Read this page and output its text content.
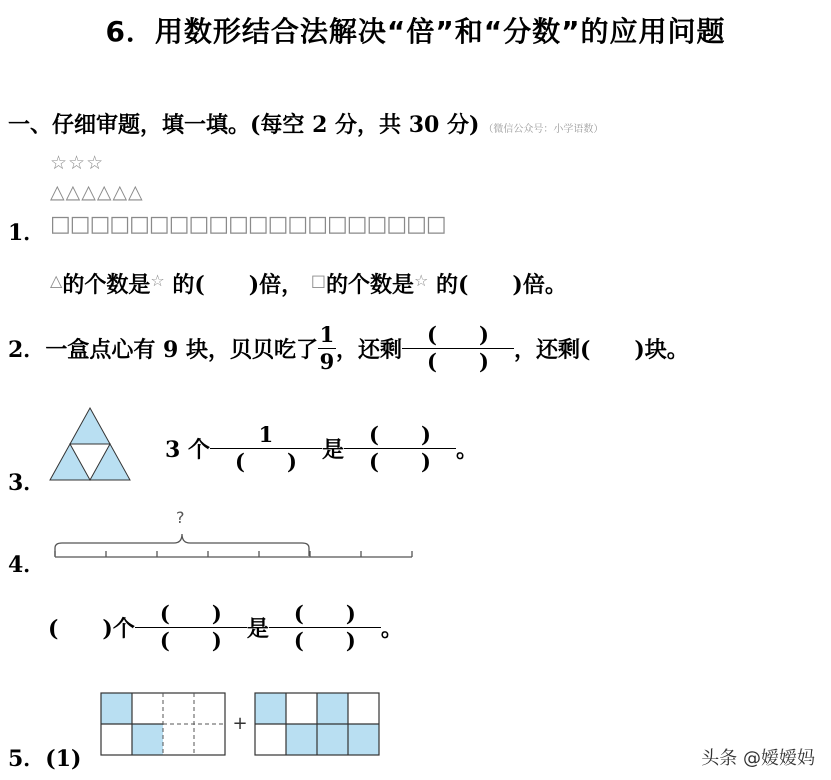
6．用数形结合法解决“倍”和“分数”的应用问题
一、仔细审题，填一填。(每空 2 分，共 30 分) （微信公众号：小学语数）
☆☆☆
△△△△△△
1． □□□□□□□□□□□□□□□□□□□□
△的个数是☆ 的(　　)倍， □的个数是☆ 的(　　)倍。
2． 一盒点心有 9 块，贝贝吃了 $\frac{1}{9}$ ，还剩 $\frac{( )}{( )}$ ，还剩(　　)块。
3．
3 个 $\frac{1}{( )}$ 是 $\frac{( )}{( )}$ 。
4．
?
(　　)个 $\frac{( )}{( )}$ 是 $\frac{( )}{( )}$ 。
5．(1)
+
头条 @嫒嫒妈
